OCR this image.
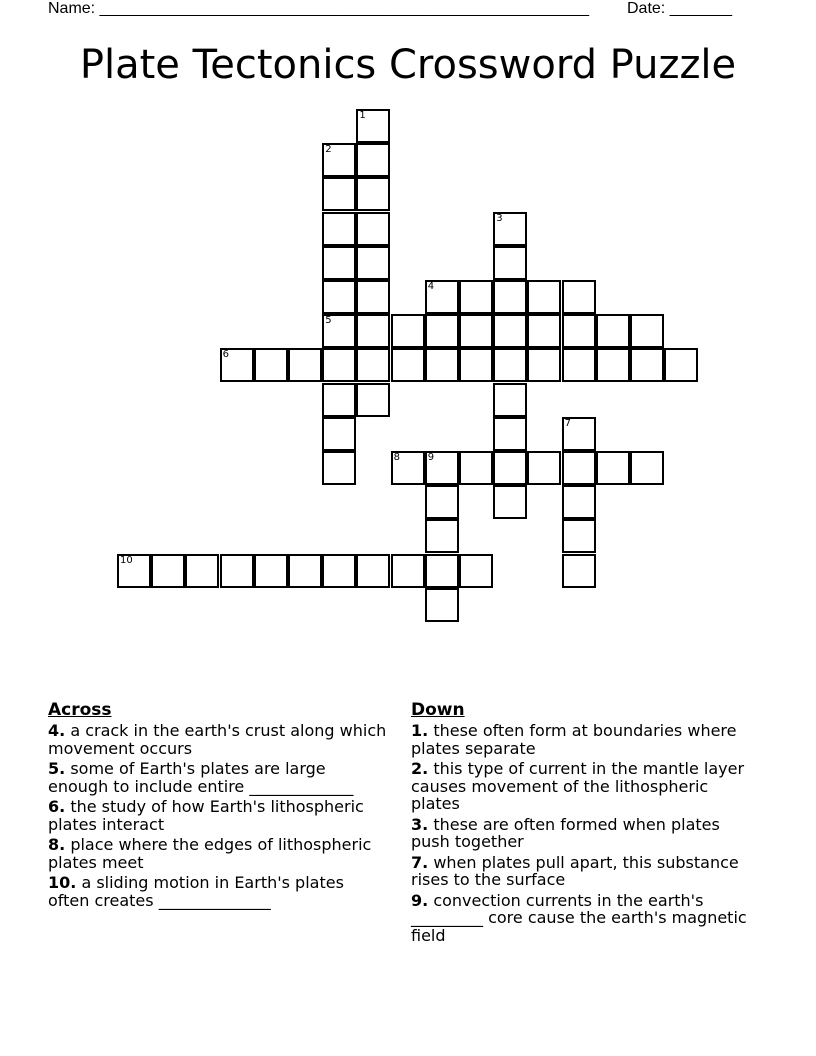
Name: _______________________________________________________ Date: _______
Plate Tectonics Crossword Puzzle
1
2
5
3
4
6
7
8	9
10
Across
4. a crack in the earth's crust along which movement occurs
5. some of Earth's plates are large enough to include entire _____________
6. the study of how Earth's lithospheric plates interact
8. place where the edges of lithospheric plates meet
10. a sliding motion in Earth's plates often creates ______________
Down
1. these often form at boundaries where plates separate
2. this type of current in the mantle layer causes movement of the lithospheric plates
3. these are often formed when plates push together
7. when plates pull apart, this substance rises to the surface
9. convection currents in the earth's _________ core cause the earth's magnetic field
